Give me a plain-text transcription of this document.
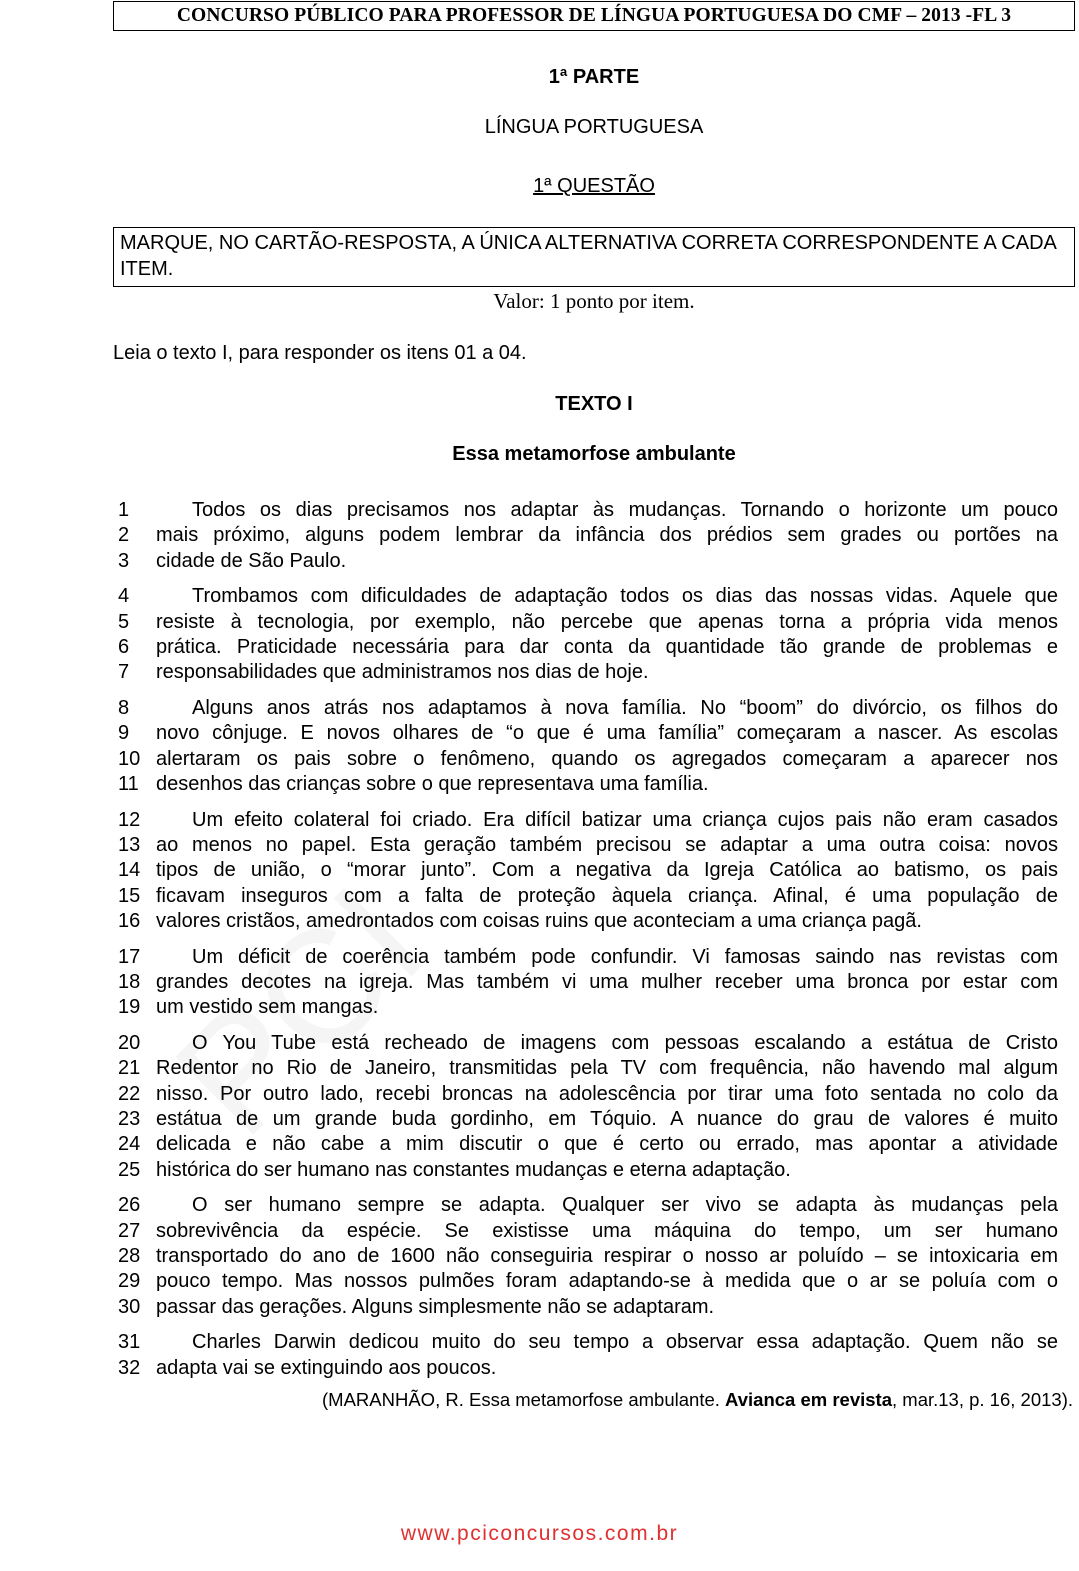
CONCURSO PÚBLICO PARA PROFESSOR DE LÍNGUA PORTUGUESA DO CMF – 2013 -FL 3
1ª PARTE
LÍNGUA PORTUGUESA
1ª QUESTÃO
MARQUE, NO CARTÃO-RESPOSTA, A ÚNICA ALTERNATIVA CORRETA CORRESPONDENTE A CADA ITEM.
Valor: 1 ponto por item.
Leia o texto I, para responder os itens 01 a 04.
TEXTO I
Essa metamorfose ambulante
1
2
3
Todos os dias precisamos nos adaptar às mudanças. Tornando o horizonte um pouco
mais próximo, alguns podem lembrar da infância dos prédios sem grades ou portões na
cidade de São Paulo.
4
5
6
7
Trombamos com dificuldades de adaptação todos os dias das nossas vidas. Aquele que
resiste à tecnologia, por exemplo, não percebe que apenas torna a própria vida menos
prática. Praticidade necessária para dar conta da quantidade tão grande de problemas e
responsabilidades que administramos nos dias de hoje.
8
9
10
11
Alguns anos atrás nos adaptamos à nova família. No “boom” do divórcio, os filhos do
novo cônjuge. E novos olhares de “o que é uma família” começaram a nascer. As escolas
alertaram os pais sobre o fenômeno, quando os agregados começaram a aparecer nos
desenhos das crianças sobre o que representava uma família.
12
13
14
15
16
Um efeito colateral foi criado. Era difícil batizar uma criança cujos pais não eram casados
ao menos no papel. Esta geração também precisou se adaptar a uma outra coisa: novos
tipos de união, o “morar junto”. Com a negativa da Igreja Católica ao batismo, os pais
ficavam inseguros com a falta de proteção àquela criança. Afinal, é uma população de
valores cristãos, amedrontados com coisas ruins que aconteciam a uma criança pagã.
17
18
19
Um déficit de coerência também pode confundir. Vi famosas saindo nas revistas com
grandes decotes na igreja. Mas também vi uma mulher receber uma bronca por estar com
um vestido sem mangas.
20
21
22
23
24
25
O You Tube está recheado de imagens com pessoas escalando a estátua de Cristo
Redentor no Rio de Janeiro, transmitidas pela TV com frequência, não havendo mal algum
nisso. Por outro lado, recebi broncas na adolescência por tirar uma foto sentada no colo da
estátua de um grande buda gordinho, em Tóquio. A nuance do grau de valores é muito
delicada e não cabe a mim discutir o que é certo ou errado, mas apontar a atividade
histórica do ser humano nas constantes mudanças e eterna adaptação.
26
27
28
29
30
O ser humano sempre se adapta. Qualquer ser vivo se adapta às mudanças pela
sobrevivência da espécie. Se existisse uma máquina do tempo, um ser humano
transportado do ano de 1600 não conseguiria respirar o nosso ar poluído – se intoxicaria em
pouco tempo. Mas nossos pulmões foram adaptando-se à medida que o ar se poluía com o
passar das gerações. Alguns simplesmente não se adaptaram.
31
32
Charles Darwin dedicou muito do seu tempo a observar essa adaptação. Quem não se
adapta vai se extinguindo aos poucos.
(MARANHÃO, R. Essa metamorfose ambulante. Avianca em revista, mar.13, p. 16, 2013).
www.pciconcursos.com.br
